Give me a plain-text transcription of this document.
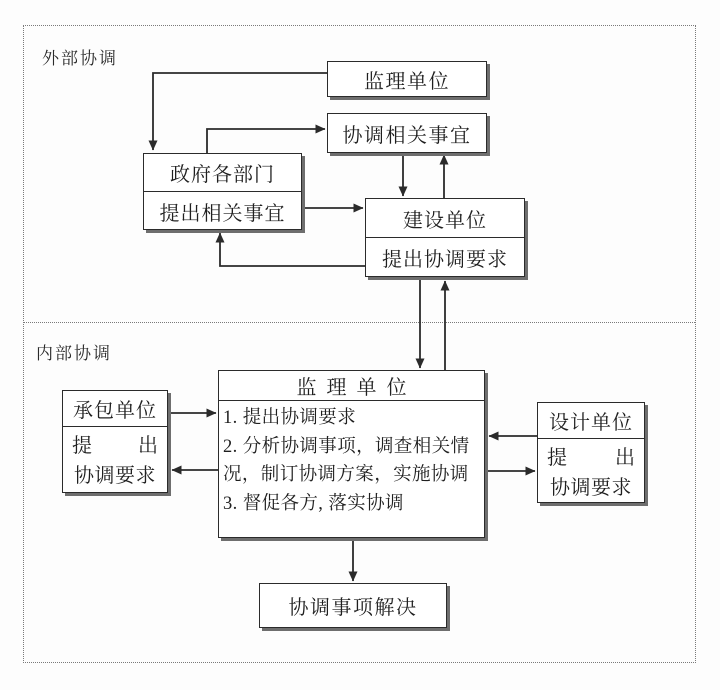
外部协调
内部协调
监理单位
协调相关事宜
政府各部门
提出相关事宜	建设单位
提出协调要求
监理单位
1. 提出协调要求
2. 分析协调事项，调查相关情
况，制订协调方案，实施协调
3. 督促各方, 落实协调
承包单位
提 出
协调要求
设计单位
提 出
协调要求
协调事项解决
